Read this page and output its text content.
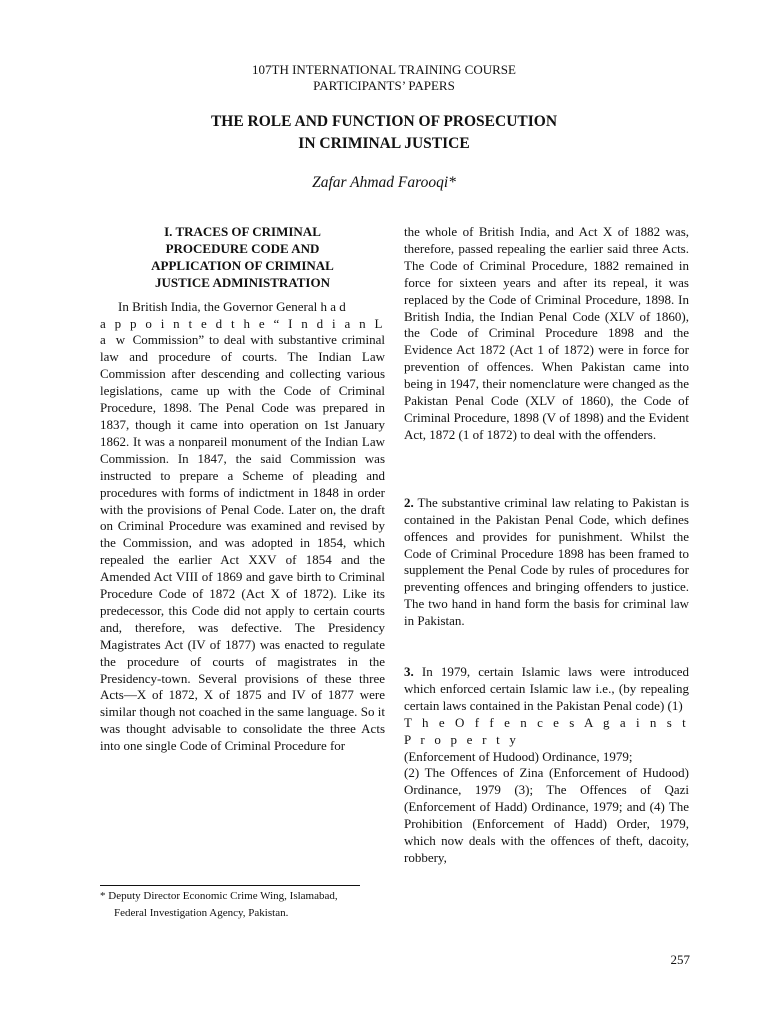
107TH INTERNATIONAL TRAINING COURSE
PARTICIPANTS’ PAPERS
THE ROLE AND FUNCTION OF PROSECUTION
IN CRIMINAL JUSTICE
Zafar Ahmad Farooqi*
I. TRACES OF CRIMINAL PROCEDURE CODE AND APPLICATION OF CRIMINAL JUSTICE ADMINISTRATION

In British India, the Governor General h a d
a p p o i n t e d t h e “ I n d i a n L a w Commission” to deal with substantive criminal law and procedure of courts. The Indian Law Commission after descending and collecting various legislations, came up with the Code of Criminal Procedure, 1898. The Penal Code was prepared in 1837, though it came into operation on 1st January 1862. It was a nonpareil monument of the Indian Law Commission. In 1847, the said Commission was instructed to prepare a Scheme of pleading and procedures with forms of indictment in 1848 in order with the provisions of Penal Code. Later on, the draft on Criminal Procedure was examined and revised by the Commission, and was adopted in 1854, which repealed the earlier Act XXV of 1854 and the Amended Act VIII of 1869 and gave birth to Criminal Procedure Code of 1872 (Act X of 1872). Like its predecessor, this Code did not apply to certain courts and, therefore, was defective. The Presidency Magistrates Act (IV of 1877) was enacted to regulate the procedure of courts of magistrates in the Presidency-town. Several provisions of these three Acts—X of 1872, X of 1875 and IV of 1877 were similar though not coached in the same language. So it was thought advisable to consolidate the three Acts into one single Code of Criminal Procedure for

the whole of British India, and Act X of 1882 was, therefore, passed repealing the earlier said three Acts. The Code of Criminal Procedure, 1882 remained in force for sixteen years and after its repeal, it was replaced by the Code of Criminal Procedure, 1898. In British India, the Indian Penal Code (XLV of 1860), the Code of Criminal Procedure 1898 and the Evidence Act 1872 (Act 1 of 1872) were in force for prevention of offences. When Pakistan came into being in 1947, their nomenclature were changed as the Pakistan Penal Code (XLV of 1860), the Code of Criminal Procedure, 1898 (V of 1898) and the Evident Act, 1872 (1 of 1872) to deal with the offenders.

2. The substantive criminal law relating to Pakistan is contained in the Pakistan Penal Code, which defines offences and provides for punishment. Whilst the Code of Criminal Procedure 1898 has been framed to supplement the Penal Code by rules of procedures for preventing offences and bringing offenders to justice. The two hand in hand form the basis for criminal law in Pakistan.

3. In 1979, certain Islamic laws were introduced which enforced certain Islamic law i.e., (by repealing certain laws contained in the Pakistan Penal code) (1)
T h e O f f e n c e s A g a i n s t P r o p e r t y
(Enforcement of Hudood) Ordinance, 1979;
(2) The Offences of Zina (Enforcement of Hudood) Ordinance, 1979 (3); The Offences of Qazi (Enforcement of Hadd) Ordinance, 1979; and (4) The Prohibition (Enforcement of Hadd) Order, 1979, which now deals with the offences of theft, dacoity, robbery,

* Deputy Director Economic Crime Wing, Islamabad,
Federal Investigation Agency, Pakistan.
257
